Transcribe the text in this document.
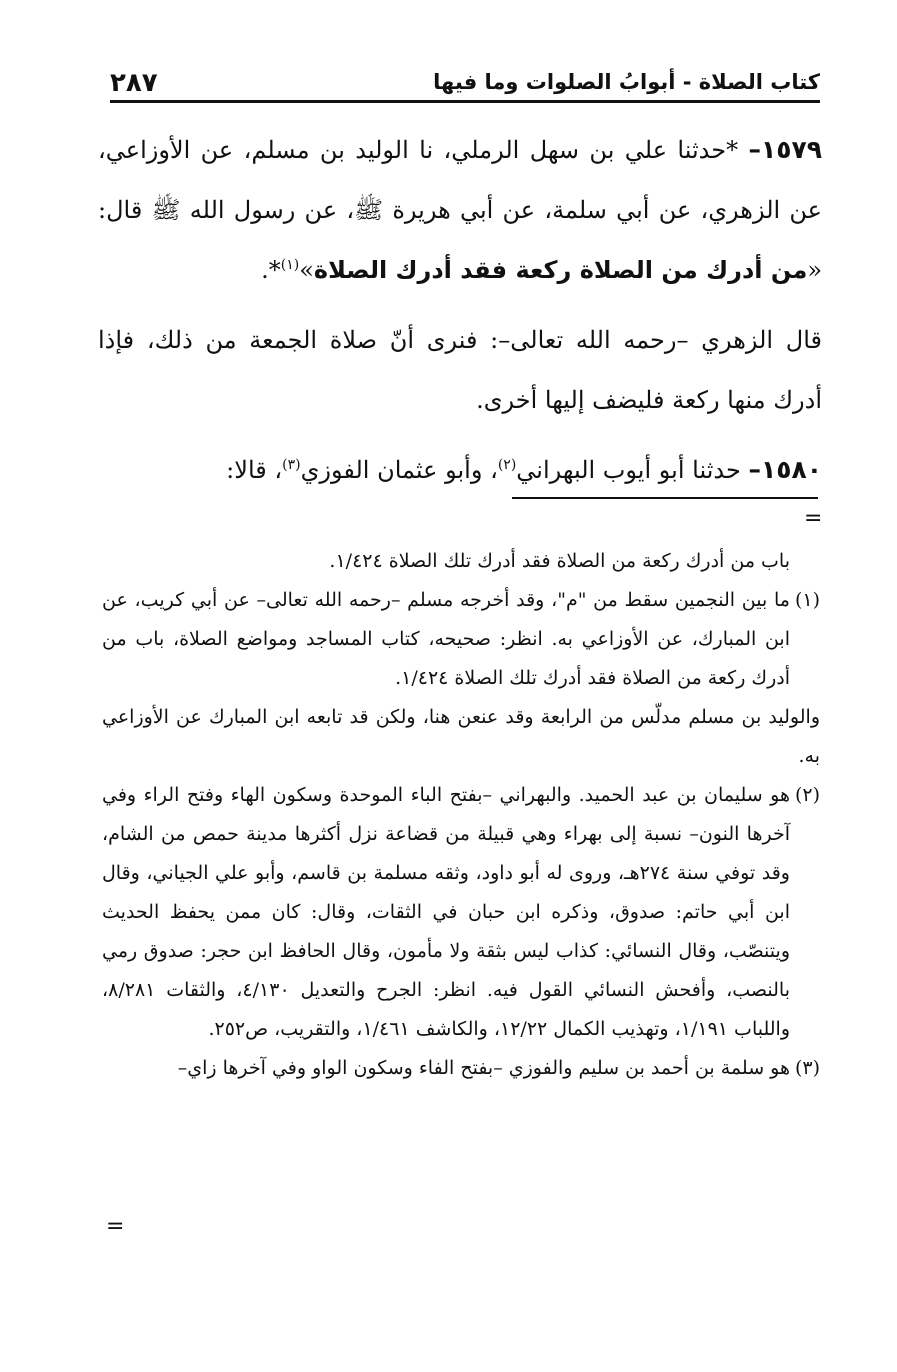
٢٨٧	كتاب الصلاة - أبوابُ الصلوات وما فيها

١٥٧٩– *حدثنا علي بن سهل الرملي، نا الوليد بن مسلم، عن الأوزاعي، عن الزهري، عن أبي سلمة، عن أبي هريرة ﷺ، عن رسول الله ﷺ قال: «من أدرك من الصلاة ركعة فقد أدرك الصلاة»$^{(١)}$*.

قال الزهري –رحمه الله تعالى–: فنرى أنّ صلاة الجمعة من ذلك، فإذا أدرك منها ركعة فليضف إليها أخرى.

١٥٨٠– حدثنا أبو أيوب البهراني$^{(٢)}$، وأبو عثمان الفوزي$^{(٣)}$، قالا:

=

باب من أدرك ركعة من الصلاة فقد أدرك تلك الصلاة ١/٤٢٤.

(١)

ما بين النجمين سقط من "م"، وقد أخرجه مسلم –رحمه الله تعالى– عن أبي كريب، عن ابن المبارك، عن الأوزاعي به. انظر: صحيحه، كتاب المساجد ومواضع الصلاة، باب من أدرك ركعة من الصلاة فقد أدرك تلك الصلاة ١/٤٢٤.

والوليد بن مسلم مدلّس من الرابعة وقد عنعن هنا، ولكن قد تابعه ابن المبارك عن الأوزاعي به.

(٢)
هو سليمان بن عبد الحميد. والبهراني –بفتح الباء الموحدة وسكون الهاء وفتح الراء وفي آخرها النون– نسبة إلى بهراء وهي قبيلة من قضاعة نزل أكثرها مدينة حمص من الشام، وقد توفي سنة ٢٧٤هـ، وروى له أبو داود، وثقه مسلمة بن قاسم، وأبو علي الجياني، وقال ابن أبي حاتم: صدوق، وذكره ابن حبان في الثقات، وقال: كان ممن يحفظ الحديث ويتنصّب، وقال النسائي: كذاب ليس بثقة ولا مأمون، وقال الحافظ ابن حجر: صدوق رمي بالنصب، وأفحش النسائي القول فيه. انظر: الجرح والتعديل ٤/١٣٠، والثقات ٨/٢٨١، واللباب ١/١٩١، وتهذيب الكمال ١٢/٢٢، والكاشف ١/٤٦١، والتقريب، ص٢٥٢.
(٣)
هو سلمة بن أحمد بن سليم والفوزي –بفتح الفاء وسكون الواو وفي آخرها زاي–
=
